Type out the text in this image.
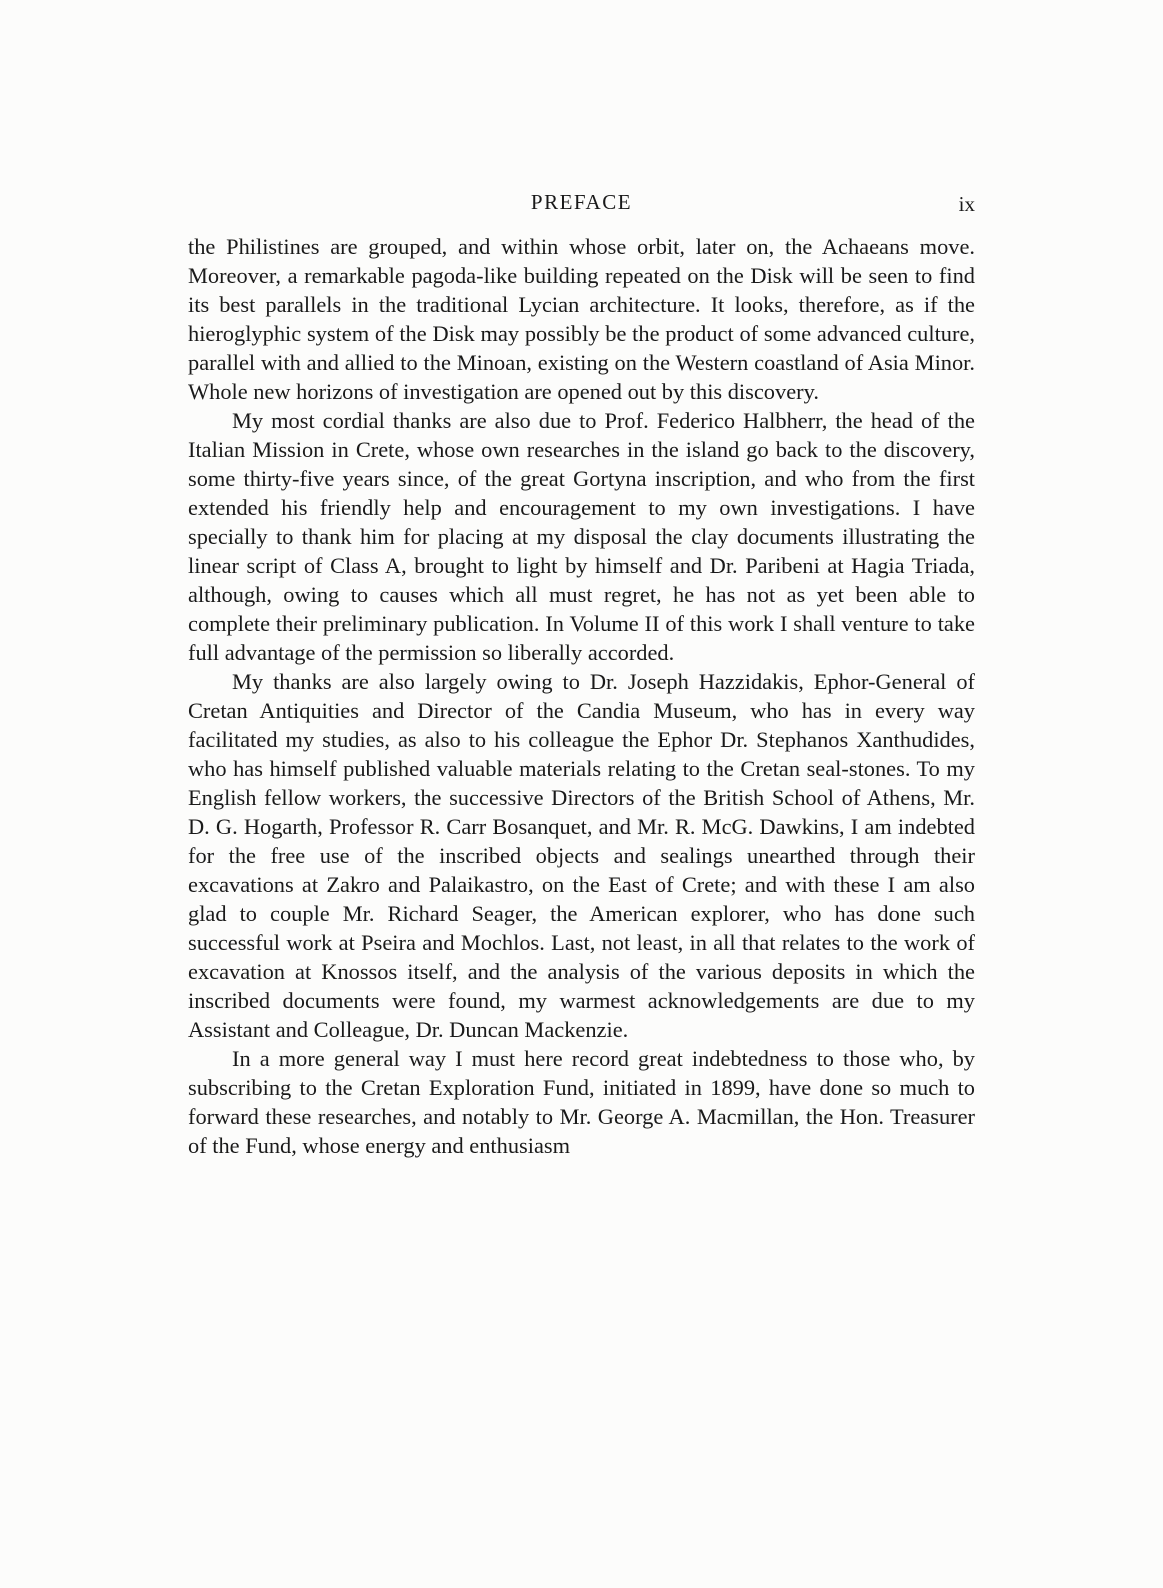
PREFACE	ix

the Philistines are grouped, and within whose orbit, later on, the Achaeans move. Moreover, a remarkable pagoda-like building repeated on the Disk will be seen to find its best parallels in the traditional Lycian architecture. It looks, therefore, as if the hieroglyphic system of the Disk may possibly be the product of some advanced culture, parallel with and allied to the Minoan, existing on the Western coastland of Asia Minor. Whole new horizons of investigation are opened out by this discovery.

My most cordial thanks are also due to Prof. Federico Halbherr, the head of the Italian Mission in Crete, whose own researches in the island go back to the discovery, some thirty-five years since, of the great Gortyna inscription, and who from the first extended his friendly help and encouragement to my own investigations. I have specially to thank him for placing at my disposal the clay documents illustrating the linear script of Class A, brought to light by himself and Dr. Paribeni at Hagia Triada, although, owing to causes which all must regret, he has not as yet been able to complete their preliminary publication. In Volume II of this work I shall venture to take full advantage of the permission so liberally accorded.

My thanks are also largely owing to Dr. Joseph Hazzidakis, Ephor-General of Cretan Antiquities and Director of the Candia Museum, who has in every way facilitated my studies, as also to his colleague the Ephor Dr. Stephanos Xanthudides, who has himself published valuable materials relating to the Cretan seal-stones. To my English fellow workers, the successive Directors of the British School of Athens, Mr. D. G. Hogarth, Professor R. Carr Bosanquet, and Mr. R. McG. Dawkins, I am indebted for the free use of the inscribed objects and sealings unearthed through their excavations at Zakro and Palaikastro, on the East of Crete; and with these I am also glad to couple Mr. Richard Seager, the American explorer, who has done such successful work at Pseira and Mochlos. Last, not least, in all that relates to the work of excavation at Knossos itself, and the analysis of the various deposits in which the inscribed documents were found, my warmest acknowledgements are due to my Assistant and Colleague, Dr. Duncan Mackenzie.

In a more general way I must here record great indebtedness to those who, by subscribing to the Cretan Exploration Fund, initiated in 1899, have done so much to forward these researches, and notably to Mr. George A. Macmillan, the Hon. Treasurer of the Fund, whose energy and enthusiasm
